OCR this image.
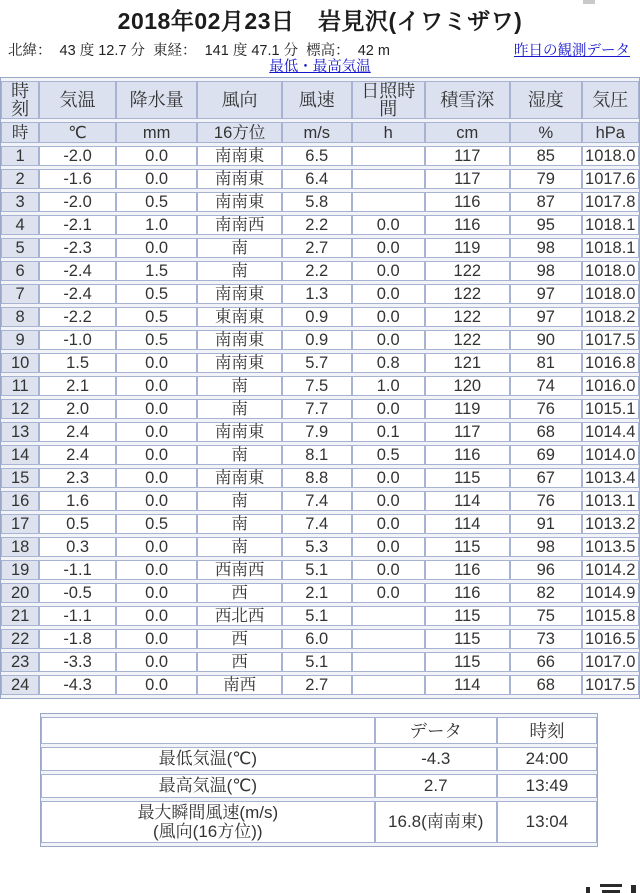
2018年02月23日　岩見沢(イワミザワ)
北緯：  43 度 12.7 分  東経：  141 度 47.1 分  標高：  42 m	昨日の観測データ
最低・最高気温
時刻	気温	降水量	風向	風速	日照時間	積雪深	湿度	気圧
時	℃	mm	16方位	m/s	h	cm	%	hPa
1	-2.0	0.0	南南東	6.5		117	85	1018.0
2	-1.6	0.0	南南東	6.4		117	79	1017.6
3	-2.0	0.5	南南東	5.8		116	87	1017.8
4	-2.1	1.0	南南西	2.2	0.0	116	95	1018.1
5	-2.3	0.0	南	2.7	0.0	119	98	1018.1
6	-2.4	1.5	南	2.2	0.0	122	98	1018.0
7	-2.4	0.5	南南東	1.3	0.0	122	97	1018.0
8	-2.2	0.5	東南東	0.9	0.0	122	97	1018.2
9	-1.0	0.5	南南東	0.9	0.0	122	90	1017.5
10	1.5	0.0	南南東	5.7	0.8	121	81	1016.8
11	2.1	0.0	南	7.5	1.0	120	74	1016.0
12	2.0	0.0	南	7.7	0.0	119	76	1015.1
13	2.4	0.0	南南東	7.9	0.1	117	68	1014.4
14	2.4	0.0	南	8.1	0.5	116	69	1014.0
15	2.3	0.0	南南東	8.8	0.0	115	67	1013.4
16	1.6	0.0	南	7.4	0.0	114	76	1013.1
17	0.5	0.5	南	7.4	0.0	114	91	1013.2
18	0.3	0.0	南	5.3	0.0	115	98	1013.5
19	-1.1	0.0	西南西	5.1	0.0	116	96	1014.2
20	-0.5	0.0	西	2.1	0.0	116	82	1014.9
21	-1.1	0.0	西北西	5.1		115	75	1015.8
22	-1.8	0.0	西	6.0		115	73	1016.5
23	-3.3	0.0	西	5.1		115	66	1017.0
24	-4.3	0.0	南西	2.7		114	68	1017.5
	データ	時刻

最低気温(℃)	-4.3	24:00

最高気温(℃)	2.7	13:49

最大瞬間風速(m/s)
(風向(16方位))	16.8(南南東)	13:04
